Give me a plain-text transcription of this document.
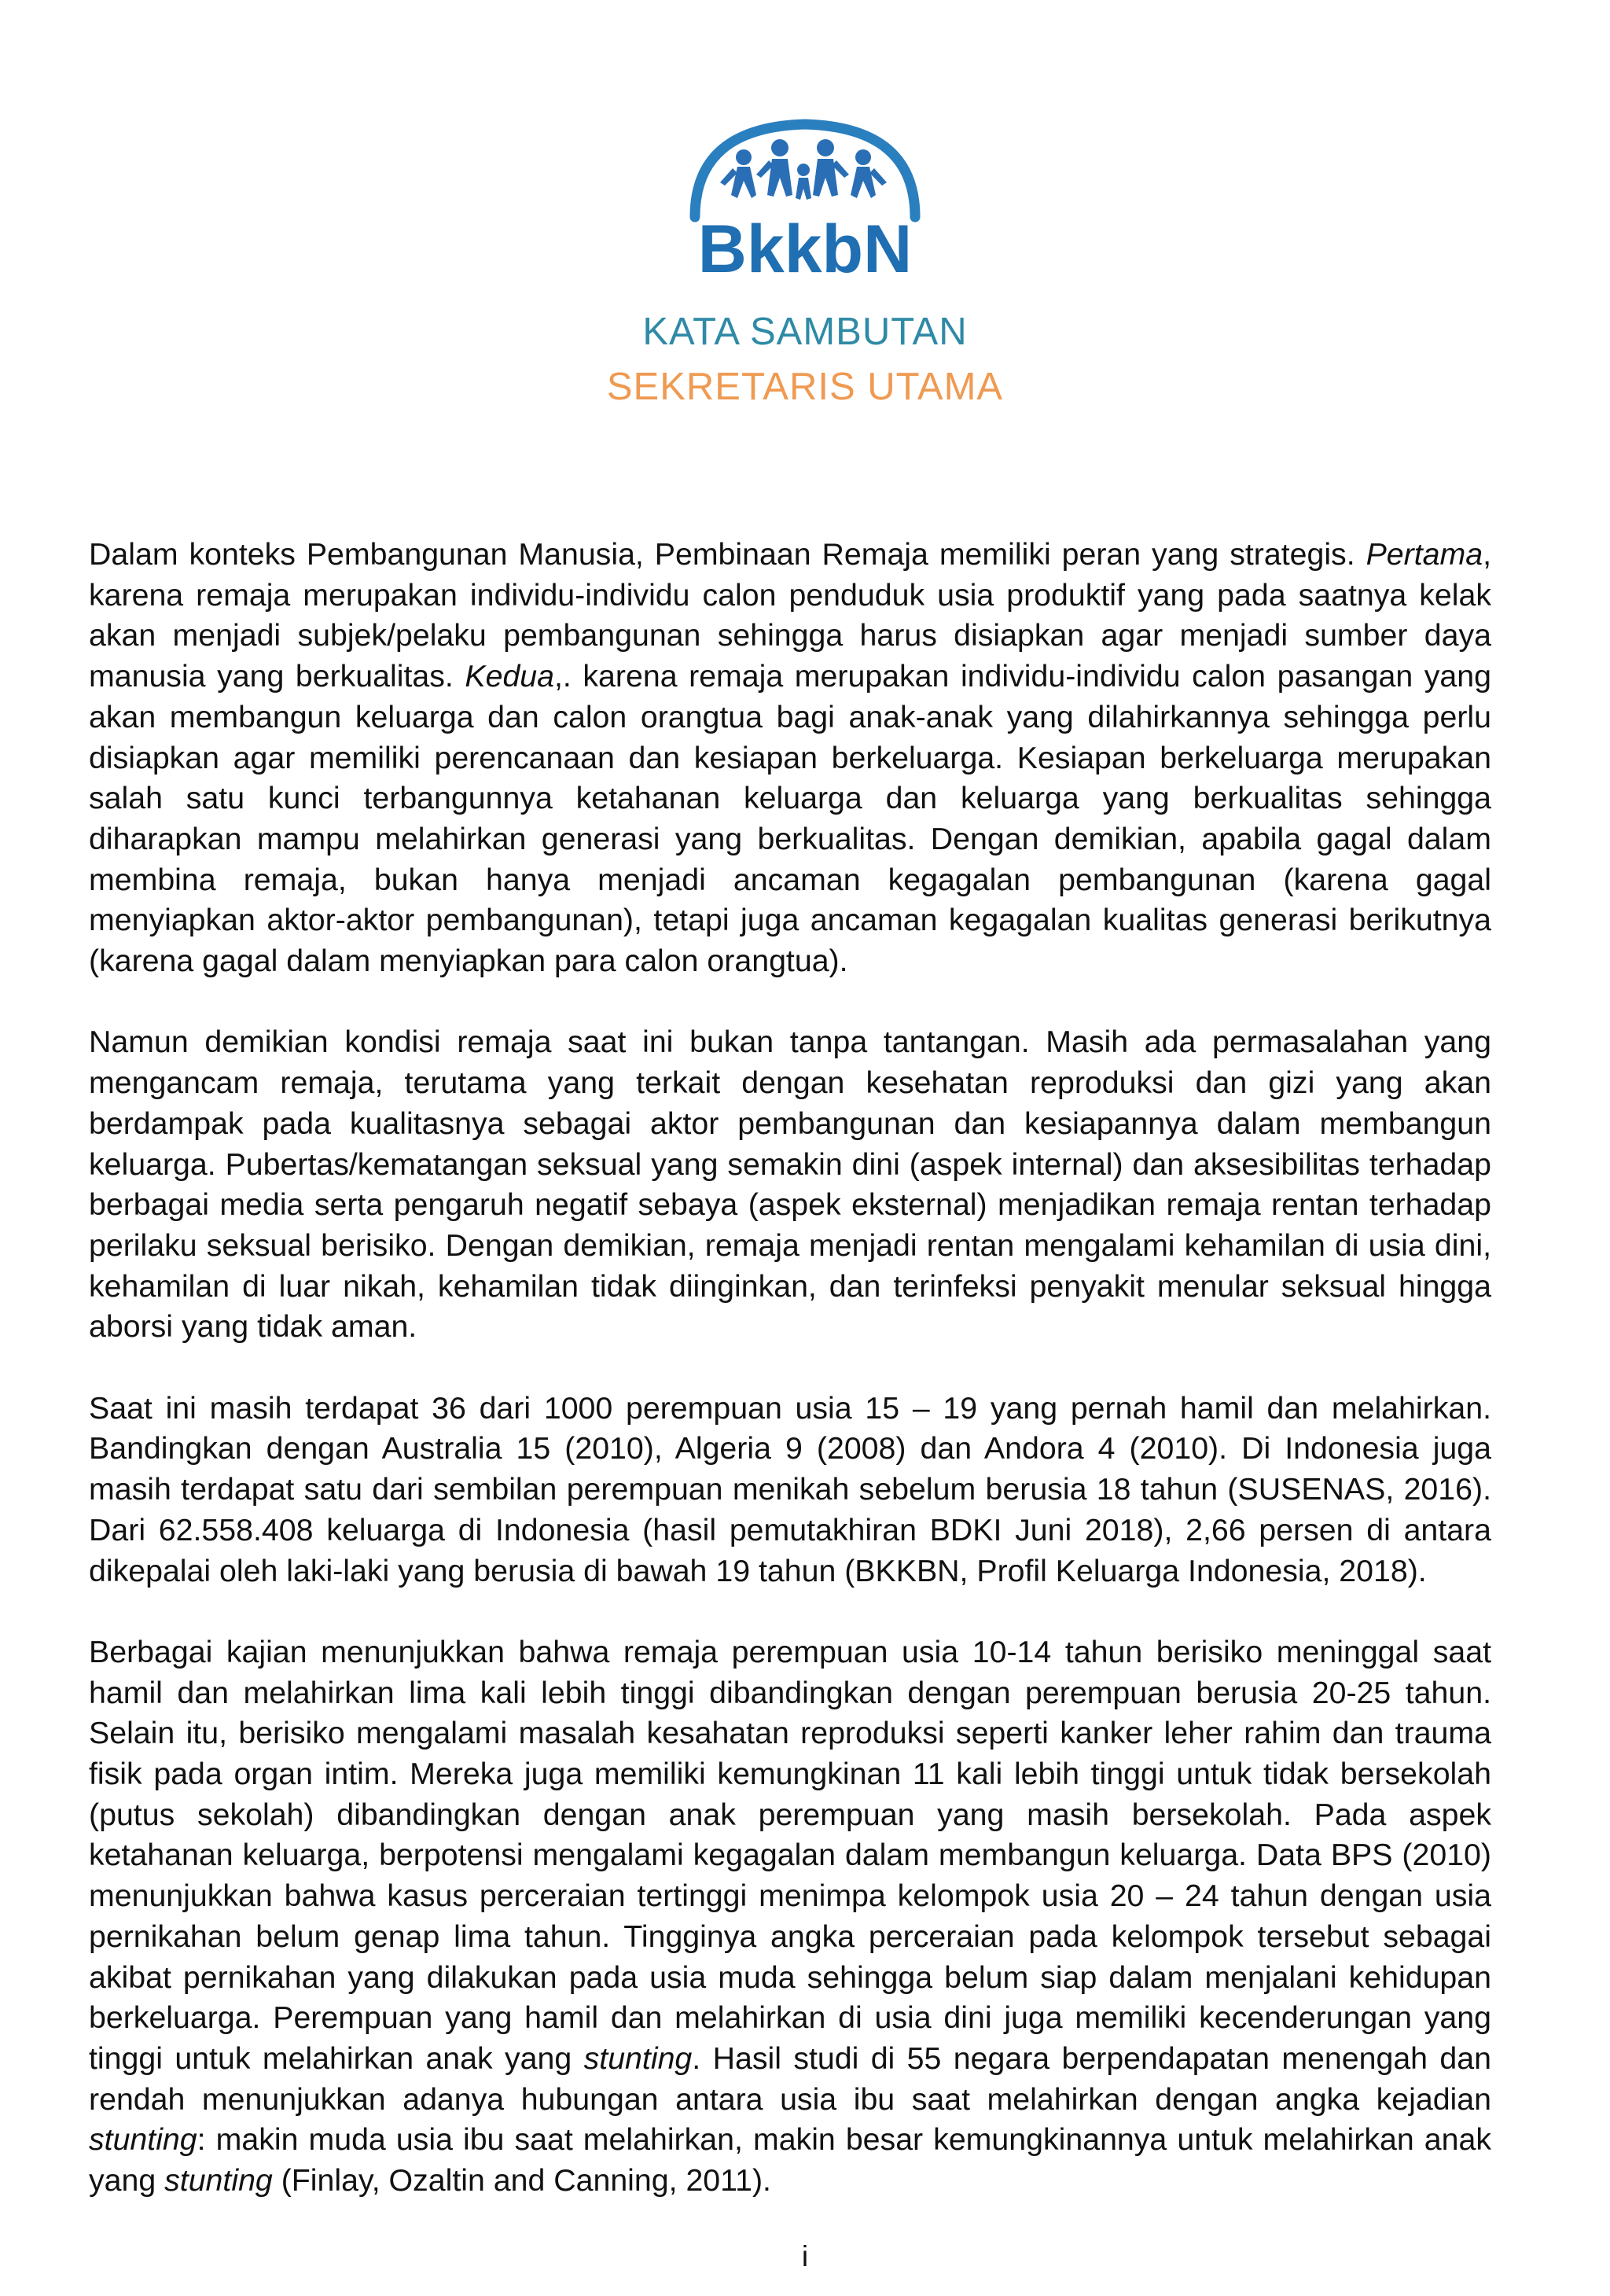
BkkbN
KATA SAMBUTAN
SEKRETARIS UTAMA

Dalam konteks Pembangunan Manusia, Pembinaan Remaja memiliki peran yang strategis. Pertama, karena remaja merupakan individu-individu calon penduduk usia produktif yang pada saatnya kelak akan menjadi subjek/pelaku pembangunan sehingga harus disiapkan agar menjadi sumber daya manusia yang berkualitas. Kedua,. karena remaja merupakan individu-individu calon pasangan yang akan membangun keluarga dan calon orangtua bagi anak-anak yang dilahirkannya sehingga perlu disiapkan agar memiliki perencanaan dan kesiapan berkeluarga. Kesiapan berkeluarga merupakan salah satu kunci terbangunnya ketahanan keluarga dan keluarga yang berkualitas sehingga diharapkan mampu melahirkan generasi yang berkualitas. Dengan demikian, apabila gagal dalam membina remaja, bukan hanya menjadi ancaman kegagalan pembangunan (karena gagal menyiapkan aktor-aktor pembangunan), tetapi juga ancaman kegagalan kualitas generasi berikutnya (karena gagal dalam menyiapkan para calon orangtua).

Namun demikian kondisi remaja saat ini bukan tanpa tantangan. Masih ada permasalahan yang mengancam remaja, terutama yang terkait dengan kesehatan reproduksi dan gizi yang akan berdampak pada kualitasnya sebagai aktor pembangunan dan kesiapannya dalam membangun keluarga. Pubertas/kematangan seksual yang semakin dini (aspek internal) dan aksesibilitas terhadap berbagai media serta pengaruh negatif sebaya (aspek eksternal) menjadikan remaja rentan terhadap perilaku seksual berisiko. Dengan demikian, remaja menjadi rentan mengalami kehamilan di usia dini, kehamilan di luar nikah, kehamilan tidak diinginkan, dan terinfeksi penyakit menular seksual hingga aborsi yang tidak aman.

Saat ini masih terdapat 36 dari 1000 perempuan usia 15 – 19 yang pernah hamil dan melahirkan. Bandingkan dengan Australia 15 (2010), Algeria 9 (2008) dan Andora 4 (2010). Di Indonesia juga masih terdapat satu dari sembilan perempuan menikah sebelum berusia 18 tahun (SUSENAS, 2016). Dari 62.558.408 keluarga di Indonesia (hasil pemutakhiran BDKI Juni 2018), 2,66 persen di antara dikepalai oleh laki-laki yang berusia di bawah 19 tahun (BKKBN, Profil Keluarga Indonesia, 2018).

Berbagai kajian menunjukkan bahwa remaja perempuan usia 10-14 tahun berisiko meninggal saat hamil dan melahirkan lima kali lebih tinggi dibandingkan dengan perempuan berusia 20-25 tahun. Selain itu, berisiko mengalami masalah kesahatan reproduksi seperti kanker leher rahim dan trauma fisik pada organ intim. Mereka juga memiliki kemungkinan 11 kali lebih tinggi untuk tidak bersekolah (putus sekolah) dibandingkan dengan anak perempuan yang masih bersekolah. Pada aspek ketahanan keluarga, berpotensi mengalami kegagalan dalam membangun keluarga. Data BPS (2010) menunjukkan bahwa kasus perceraian tertinggi menimpa kelompok usia 20 – 24 tahun dengan usia pernikahan belum genap lima tahun. Tingginya angka perceraian pada kelompok tersebut sebagai akibat pernikahan yang dilakukan pada usia muda sehingga belum siap dalam menjalani kehidupan berkeluarga. Perempuan yang hamil dan melahirkan di usia dini juga memiliki kecenderungan yang tinggi untuk melahirkan anak yang stunting. Hasil studi di 55 negara berpendapatan menengah dan rendah menunjukkan adanya hubungan antara usia ibu saat melahirkan dengan angka kejadian stunting: makin muda usia ibu saat melahirkan, makin besar kemungkinannya untuk melahirkan anak yang stunting (Finlay, Ozaltin and Canning, 2011).

i
